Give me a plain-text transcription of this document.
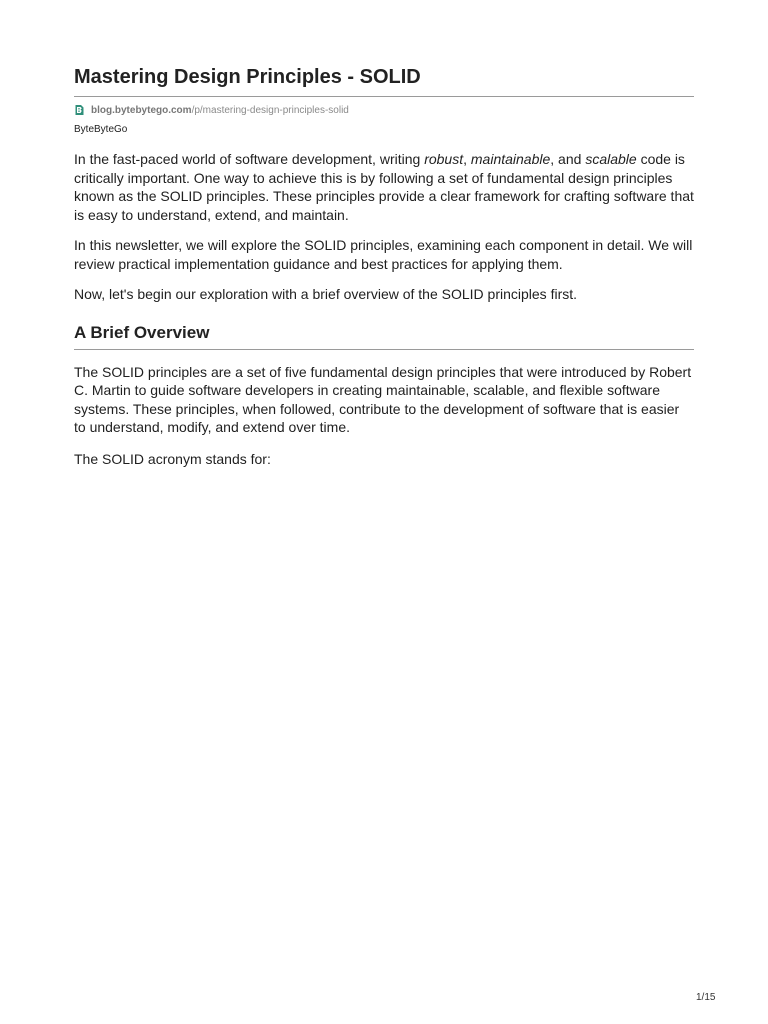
Mastering Design Principles - SOLID
blog.bytebytego.com /p/mastering-design-principles-solid
ByteByteGo

In the fast-paced world of software development, writing robust, maintainable, and scalable code is critically important. One way to achieve this is by following a set of fundamental design principles known as the SOLID principles. These principles provide a clear framework for crafting software that is easy to understand, extend, and maintain.

In this newsletter, we will explore the SOLID principles, examining each component in detail. We will review practical implementation guidance and best practices for applying them.

Now, let's begin our exploration with a brief overview of the SOLID principles first.

A Brief Overview

The SOLID principles are a set of five fundamental design principles that were introduced by Robert C. Martin to guide software developers in creating maintainable, scalable, and flexible software systems. These principles, when followed, contribute to the development of software that is easier to understand, modify, and extend over time.

The SOLID acronym stands for:

1/15
